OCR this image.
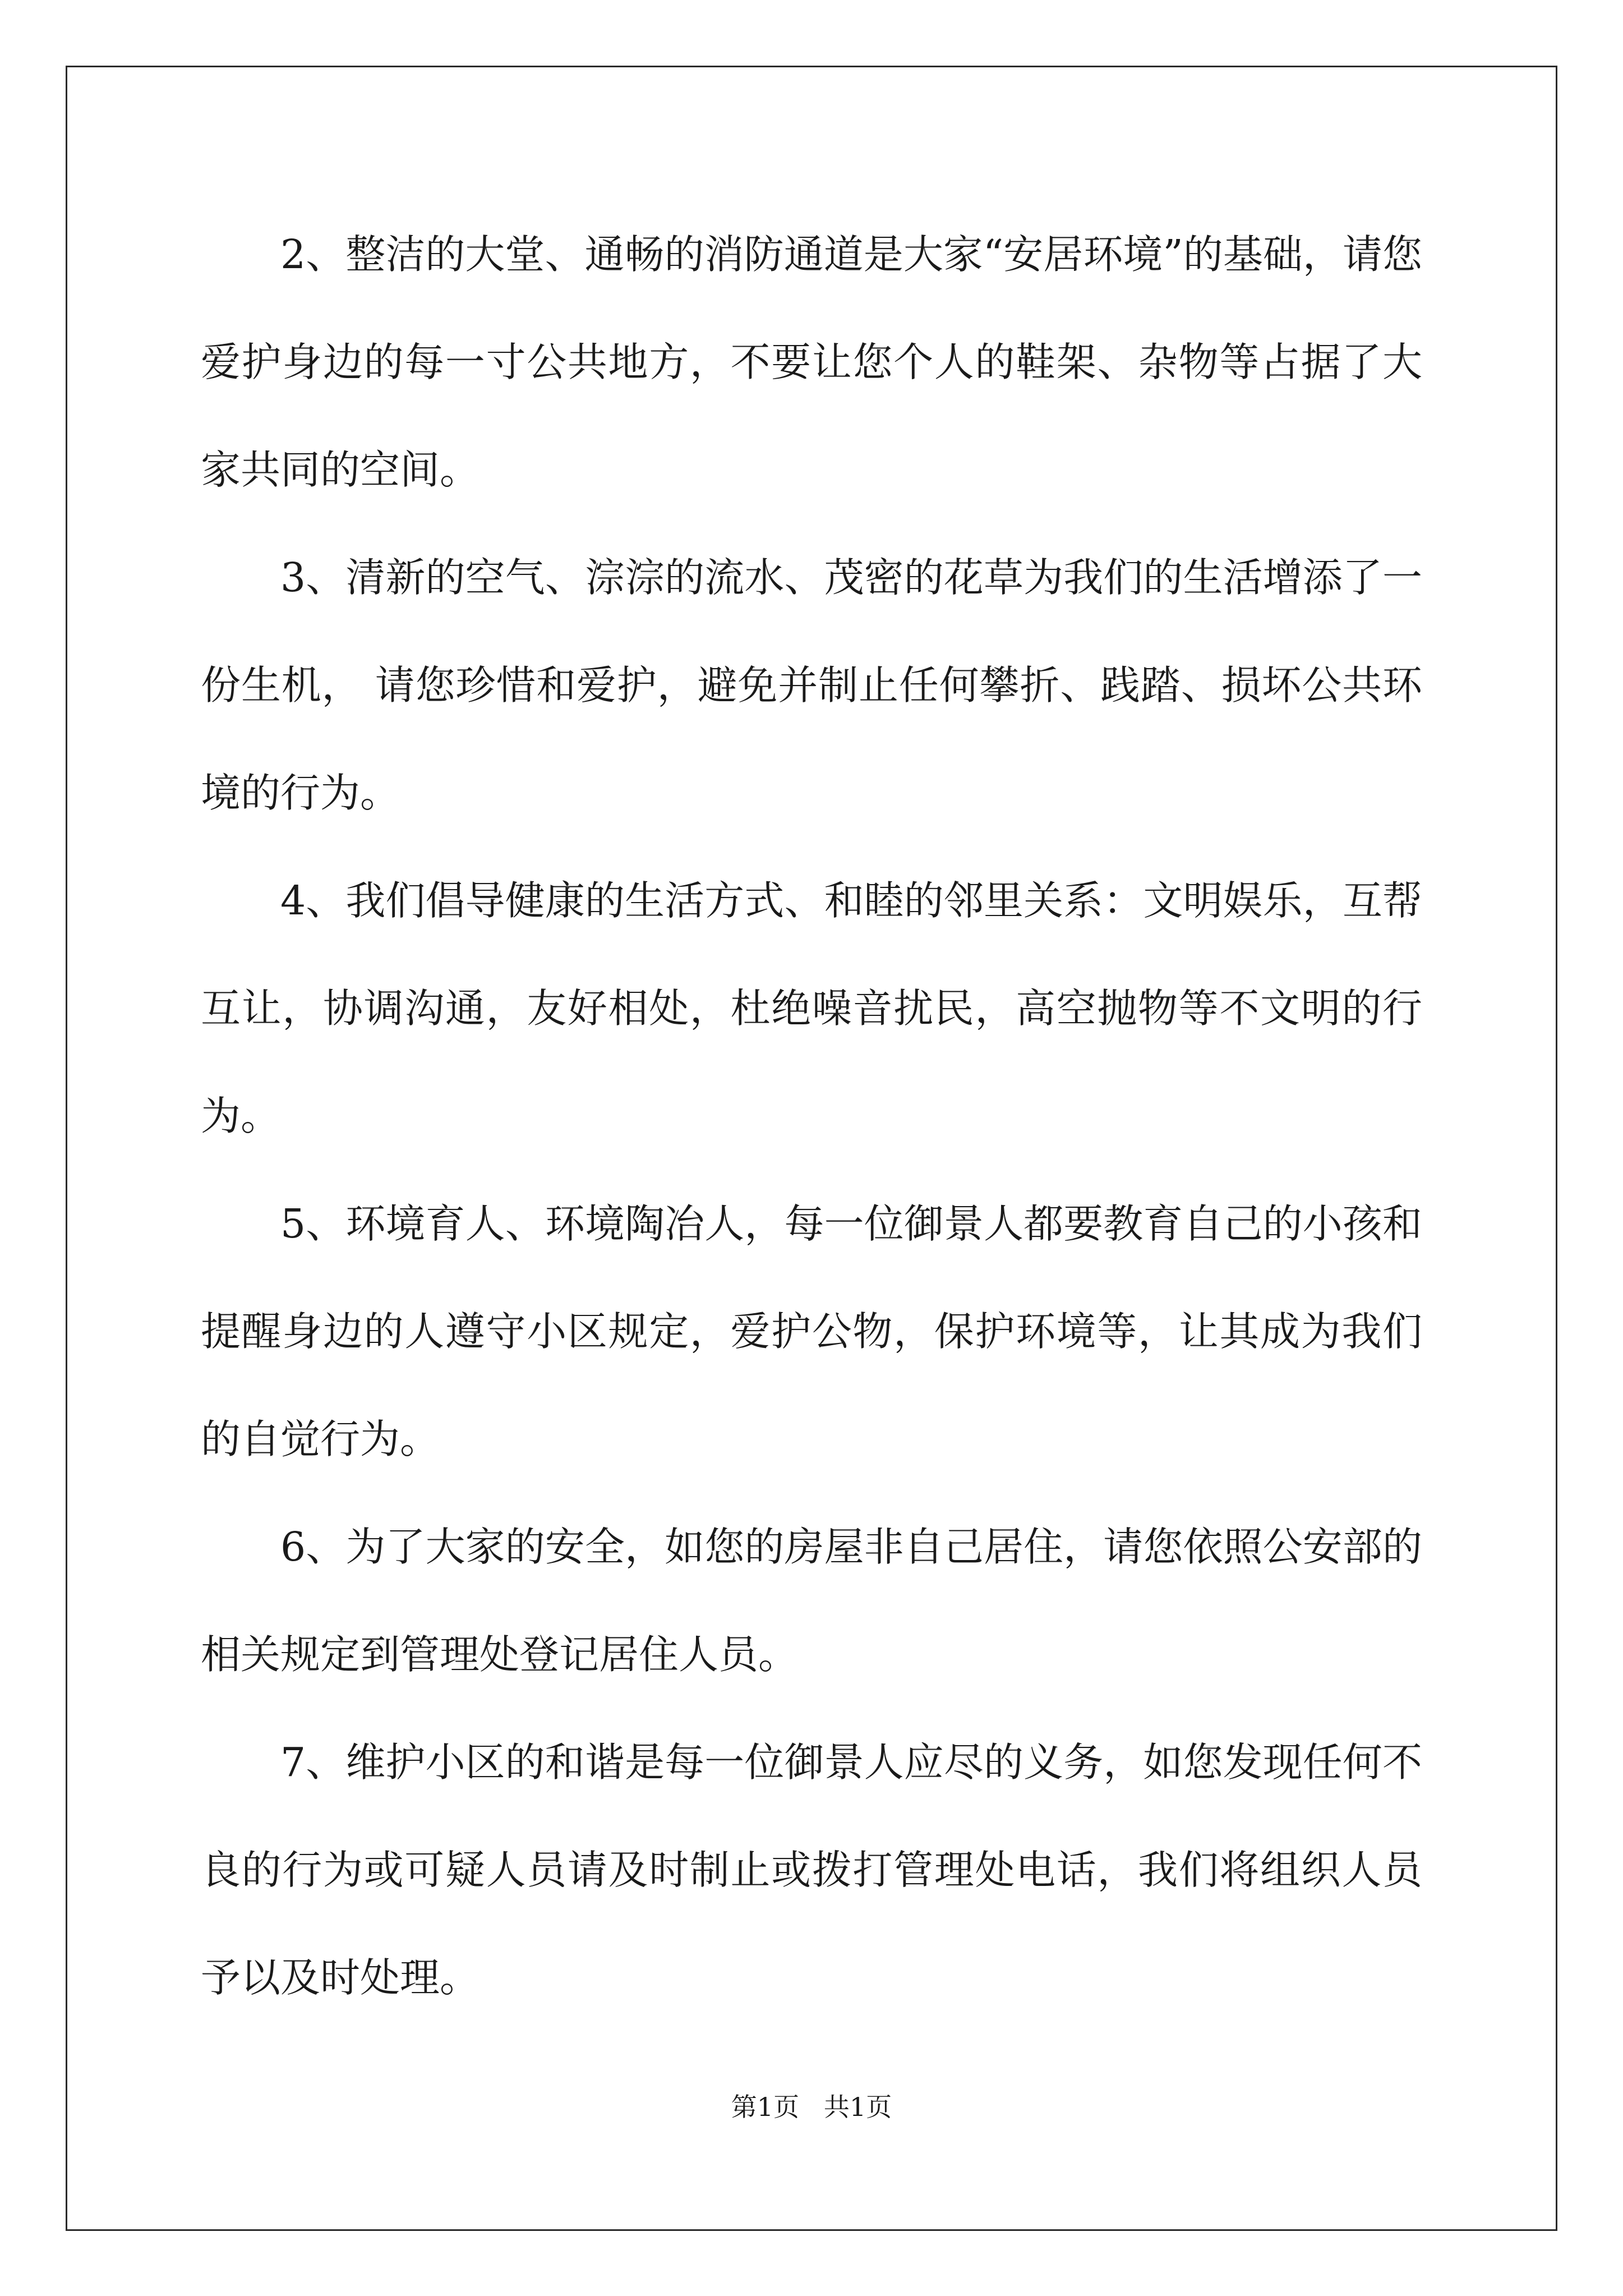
2、整洁的大堂、通畅的消防通道是大家“安居环境”的基础，请您爱护身边的每一寸公共地方，不要让您个人的鞋架、杂物等占据了大家共同的空间。

3、清新的空气、淙淙的流水、茂密的花草为我们的生活增添了一份生机， 请您珍惜和爱护，避免并制止任何攀折、践踏、损坏公共环境的行为。

4、我们倡导健康的生活方式、和睦的邻里关系：文明娱乐，互帮互让，协调沟通，友好相处，杜绝噪音扰民，高空抛物等不文明的行为。

5、环境育人、环境陶冶人，每一位御景人都要教育自己的小孩和提醒身边的人遵守小区规定，爱护公物，保护环境等，让其成为我们的自觉行为。

6、为了大家的安全，如您的房屋非自己居住，请您依照公安部的相关规定到管理处登记居住人员。

7、维护小区的和谐是每一位御景人应尽的义务，如您发现任何不良的行为或可疑人员请及时制止或拨打管理处电话，我们将组织人员予以及时处理。

第1页   共1页
